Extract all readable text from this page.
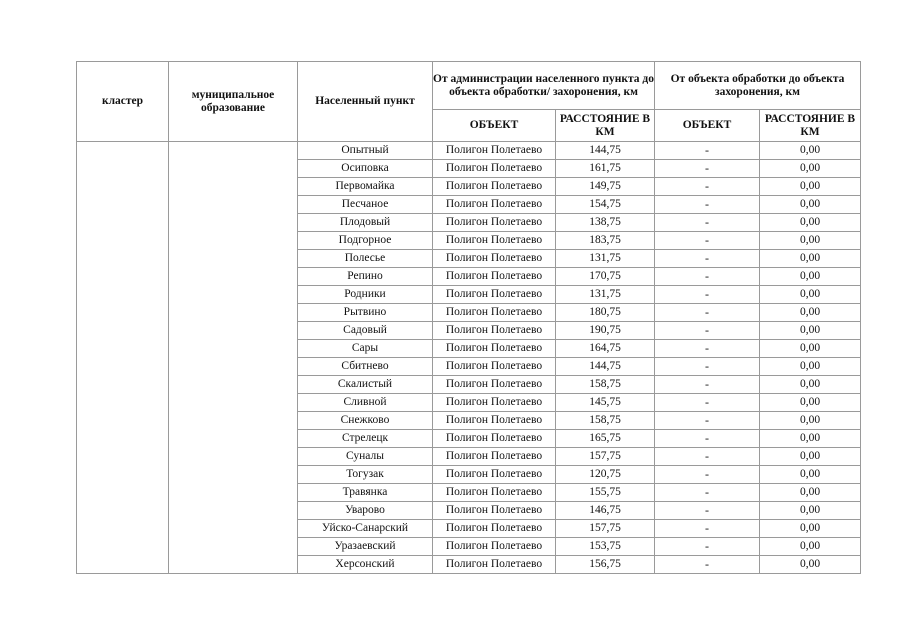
кластер	муниципальное образование	Населенный пункт	От администрации населенного пункта до объекта обработки/ захоронения, км		От объекта обработки до объекта захоронения, км	
			ОБЪЕКТ	РАССТОЯНИЕ В КМ	ОБЪЕКТ	РАССТОЯНИЕ В КМ
		Опытный	Полигон Полетаево	144,75	-	0,00
		Осиповка	Полигон Полетаево	161,75	-	0,00
		Первомайка	Полигон Полетаево	149,75	-	0,00
		Песчаное	Полигон Полетаево	154,75	-	0,00
		Плодовый	Полигон Полетаево	138,75	-	0,00
		Подгорное	Полигон Полетаево	183,75	-	0,00
		Полесье	Полигон Полетаево	131,75	-	0,00
		Репино	Полигон Полетаево	170,75	-	0,00
		Родники	Полигон Полетаево	131,75	-	0,00
		Рытвино	Полигон Полетаево	180,75	-	0,00
		Садовый	Полигон Полетаево	190,75	-	0,00
		Сары	Полигон Полетаево	164,75	-	0,00
		Сбитнево	Полигон Полетаево	144,75	-	0,00
		Скалистый	Полигон Полетаево	158,75	-	0,00
		Сливной	Полигон Полетаево	145,75	-	0,00
		Снежково	Полигон Полетаево	158,75	-	0,00
		Стрелецк	Полигон Полетаево	165,75	-	0,00
		Суналы	Полигон Полетаево	157,75	-	0,00
		Тогузак	Полигон Полетаево	120,75	-	0,00
		Травянка	Полигон Полетаево	155,75	-	0,00
		Уварово	Полигон Полетаево	146,75	-	0,00
		Уйско-Санарский	Полигон Полетаево	157,75	-	0,00
		Уразаевский	Полигон Полетаево	153,75	-	0,00
		Херсонский	Полигон Полетаево	156,75	-	0,00
